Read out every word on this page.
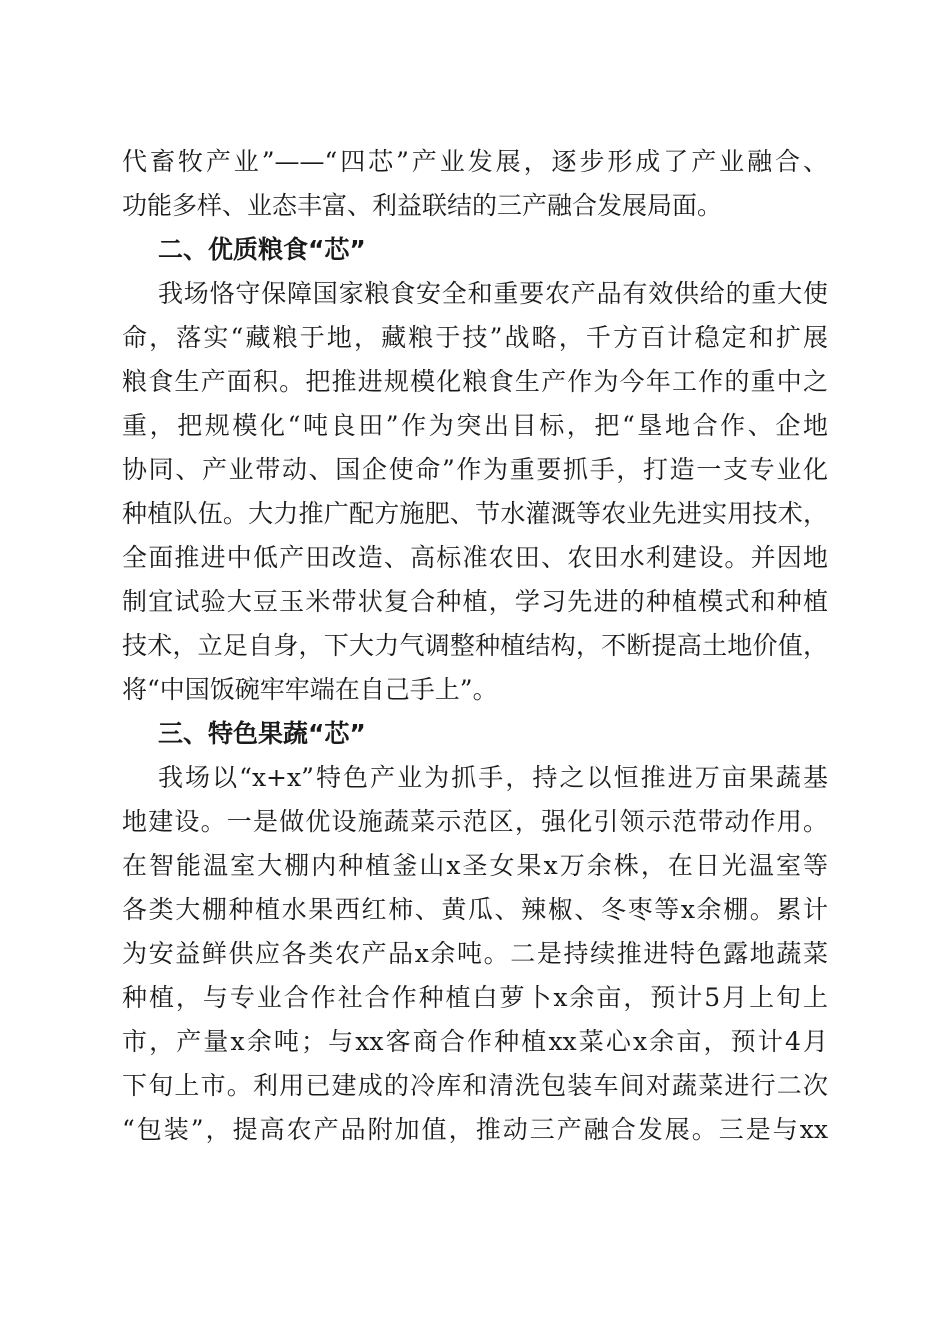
代畜牧产业”——“四芯”产业发展，逐步形成了产业融合、
功能多样、业态丰富、利益联结的三产融合发展局面。
二、优质粮食“芯”
我场恪守保障国家粮食安全和重要农产品有效供给的重大使
命，落实“藏粮于地，藏粮于技”战略，千方百计稳定和扩展
粮食生产面积。把推进规模化粮食生产作为今年工作的重中之
重，把规模化“吨良田”作为突出目标，把“垦地合作、企地
协同、产业带动、国企使命”作为重要抓手，打造一支专业化
种植队伍。大力推广配方施肥、节水灌溉等农业先进实用技术，
全面推进中低产田改造、高标准农田、农田水利建设。并因地
制宜试验大豆玉米带状复合种植，学习先进的种植模式和种植
技术，立足自身，下大力气调整种植结构，不断提高土地价值，
将“中国饭碗牢牢端在自己手上”。
三、特色果蔬“芯”
我场以“x+x”特色产业为抓手，持之以恒推进万亩果蔬基
地建设。一是做优设施蔬菜示范区，强化引领示范带动作用。
在智能温室大棚内种植釜山x圣女果x万余株，在日光温室等
各类大棚种植水果西红柿、黄瓜、辣椒、冬枣等x余棚。累计
为安益鲜供应各类农产品x余吨。二是持续推进特色露地蔬菜
种植，与专业合作社合作种植白萝卜x余亩，预计5月上旬上
市，产量x余吨；与xx客商合作种植xx菜心x余亩，预计4月
下旬上市。利用已建成的冷库和清洗包装车间对蔬菜进行二次
“包装”，提高农产品附加值，推动三产融合发展。三是与xx
